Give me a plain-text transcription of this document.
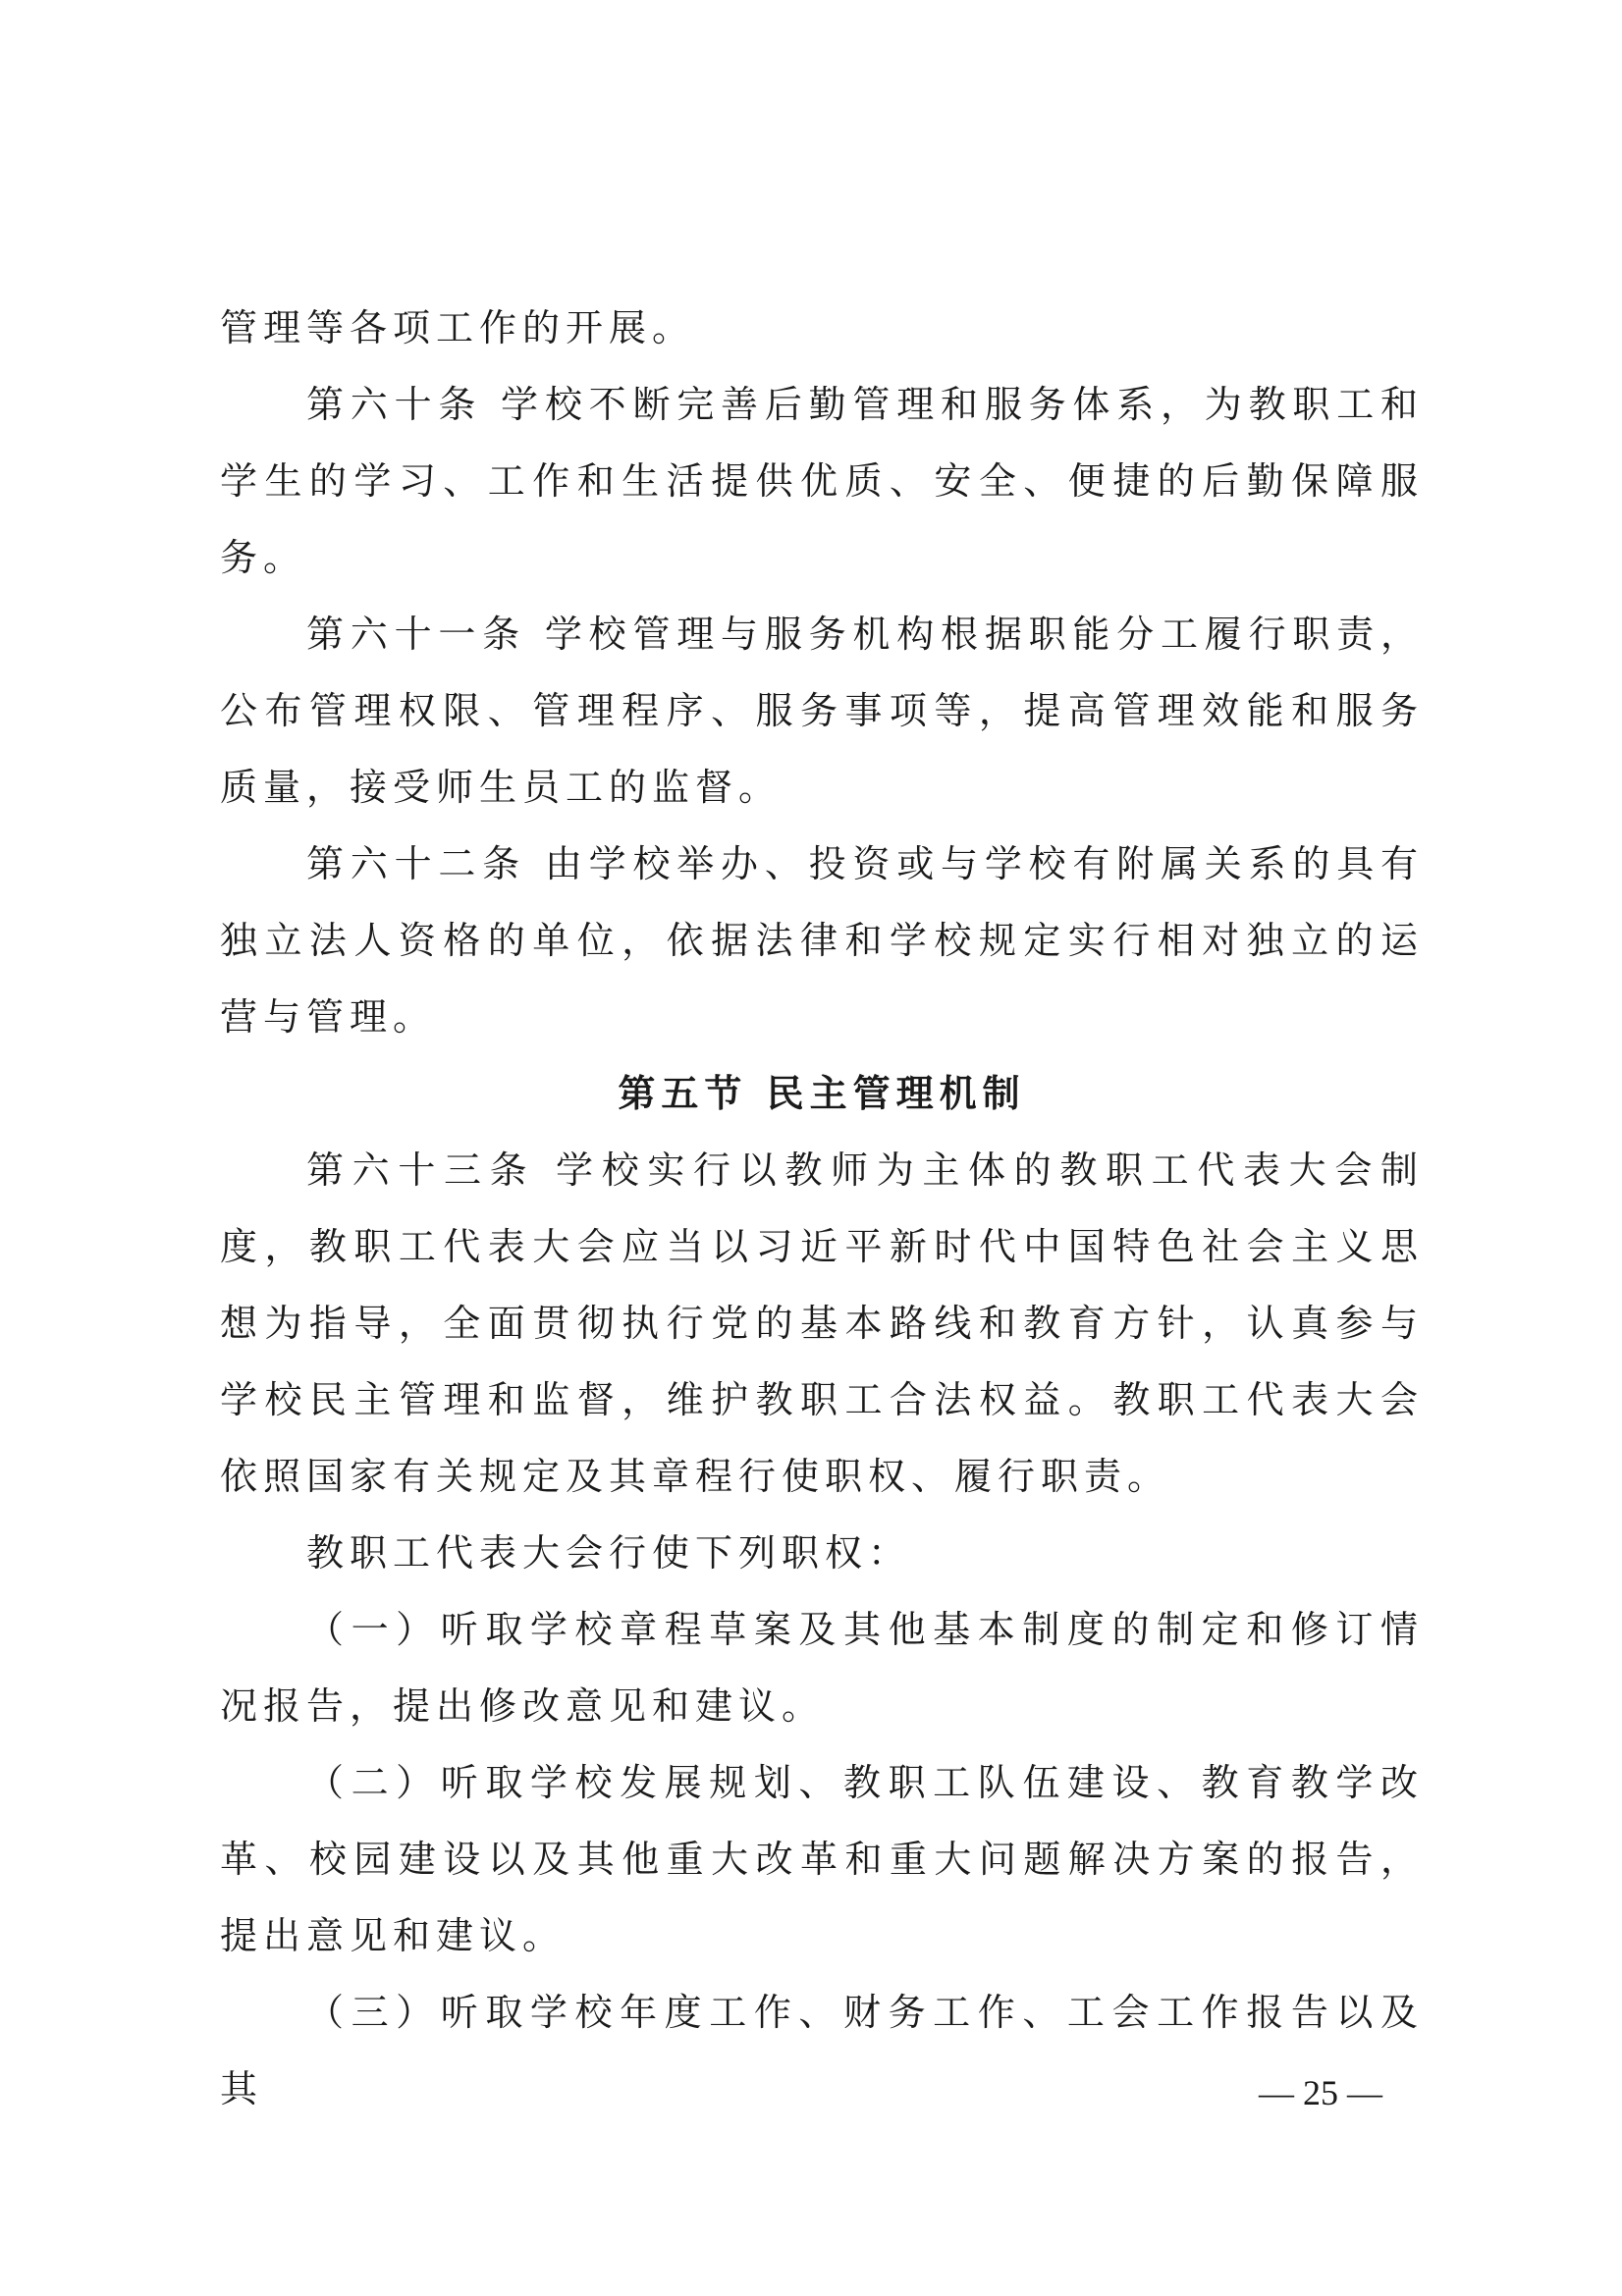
管理等各项工作的开展。

第六十条 学校不断完善后勤管理和服务体系，为教职工和学生的学习、工作和生活提供优质、安全、便捷的后勤保障服务。

第六十一条 学校管理与服务机构根据职能分工履行职责，公布管理权限、管理程序、服务事项等，提高管理效能和服务质量，接受师生员工的监督。

第六十二条 由学校举办、投资或与学校有附属关系的具有独立法人资格的单位，依据法律和学校规定实行相对独立的运营与管理。

第五节 民主管理机制

第六十三条 学校实行以教师为主体的教职工代表大会制度，教职工代表大会应当以习近平新时代中国特色社会主义思想为指导，全面贯彻执行党的基本路线和教育方针，认真参与学校民主管理和监督，维护教职工合法权益。教职工代表大会依照国家有关规定及其章程行使职权、履行职责。

教职工代表大会行使下列职权：

（一）听取学校章程草案及其他基本制度的制定和修订情况报告，提出修改意见和建议。

（二）听取学校发展规划、教职工队伍建设、教育教学改革、校园建设以及其他重大改革和重大问题解决方案的报告，提出意见和建议。

（三）听取学校年度工作、财务工作、工会工作报告以及其	— 25 —
